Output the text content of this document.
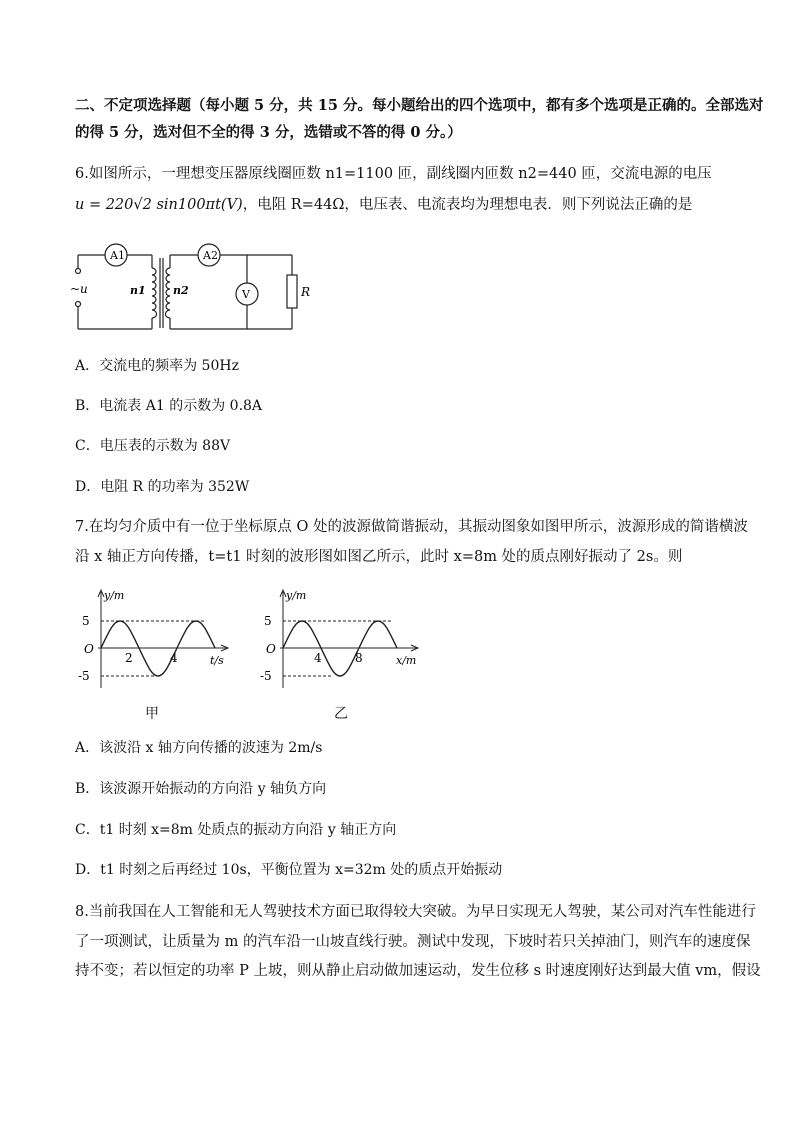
二、不定项选择题（每小题 5 分，共 15 分。每小题给出的四个选项中，都有多个选项是正确的。全部选对
的得 5 分，选对但不全的得 3 分，选错或不答的得 0 分。）
6.如图所示，一理想变压器原线圈匝数 n1=1100 匝，副线圈内匝数 n2=440 匝，交流电源的电压
u = 220√2 sin100πt(V)，电阻 R=44Ω，电压表、电流表均为理想电表．则下列说法正确的是
A1	A2
V	R
~u	n1 n2
A．交流电的频率为 50Hz
B．电流表 A1 的示数为 0.8A
C．电压表的示数为 88V
D．电阻 R 的功率为 352W
7.在均匀介质中有一位于坐标原点 O 处的波源做简谐振动，其振动图象如图甲所示，波源形成的简谐横波
沿 x 轴正方向传播，t=t1 时刻的波形图如图乙所示，此时 x=8m 处的质点刚好振动了 2s。则
y/m
t/s
5
-5
O
2	4
甲
y/m
x/m
5
-5
O
4	8
乙
A．该波沿 x 轴方向传播的波速为 2m/s
B．该波源开始振动的方向沿 y 轴负方向
C．t1 时刻 x=8m 处质点的振动方向沿 y 轴正方向
D．t1 时刻之后再经过 10s，平衡位置为 x=32m 处的质点开始振动
8.当前我国在人工智能和无人驾驶技术方面已取得较大突破。为早日实现无人驾驶，某公司对汽车性能进行
了一项测试，让质量为 m 的汽车沿一山坡直线行驶。测试中发现，下坡时若只关掉油门，则汽车的速度保
持不变；若以恒定的功率 P 上坡，则从静止启动做加速运动，发生位移 s 时速度刚好达到最大值 vm，假设
